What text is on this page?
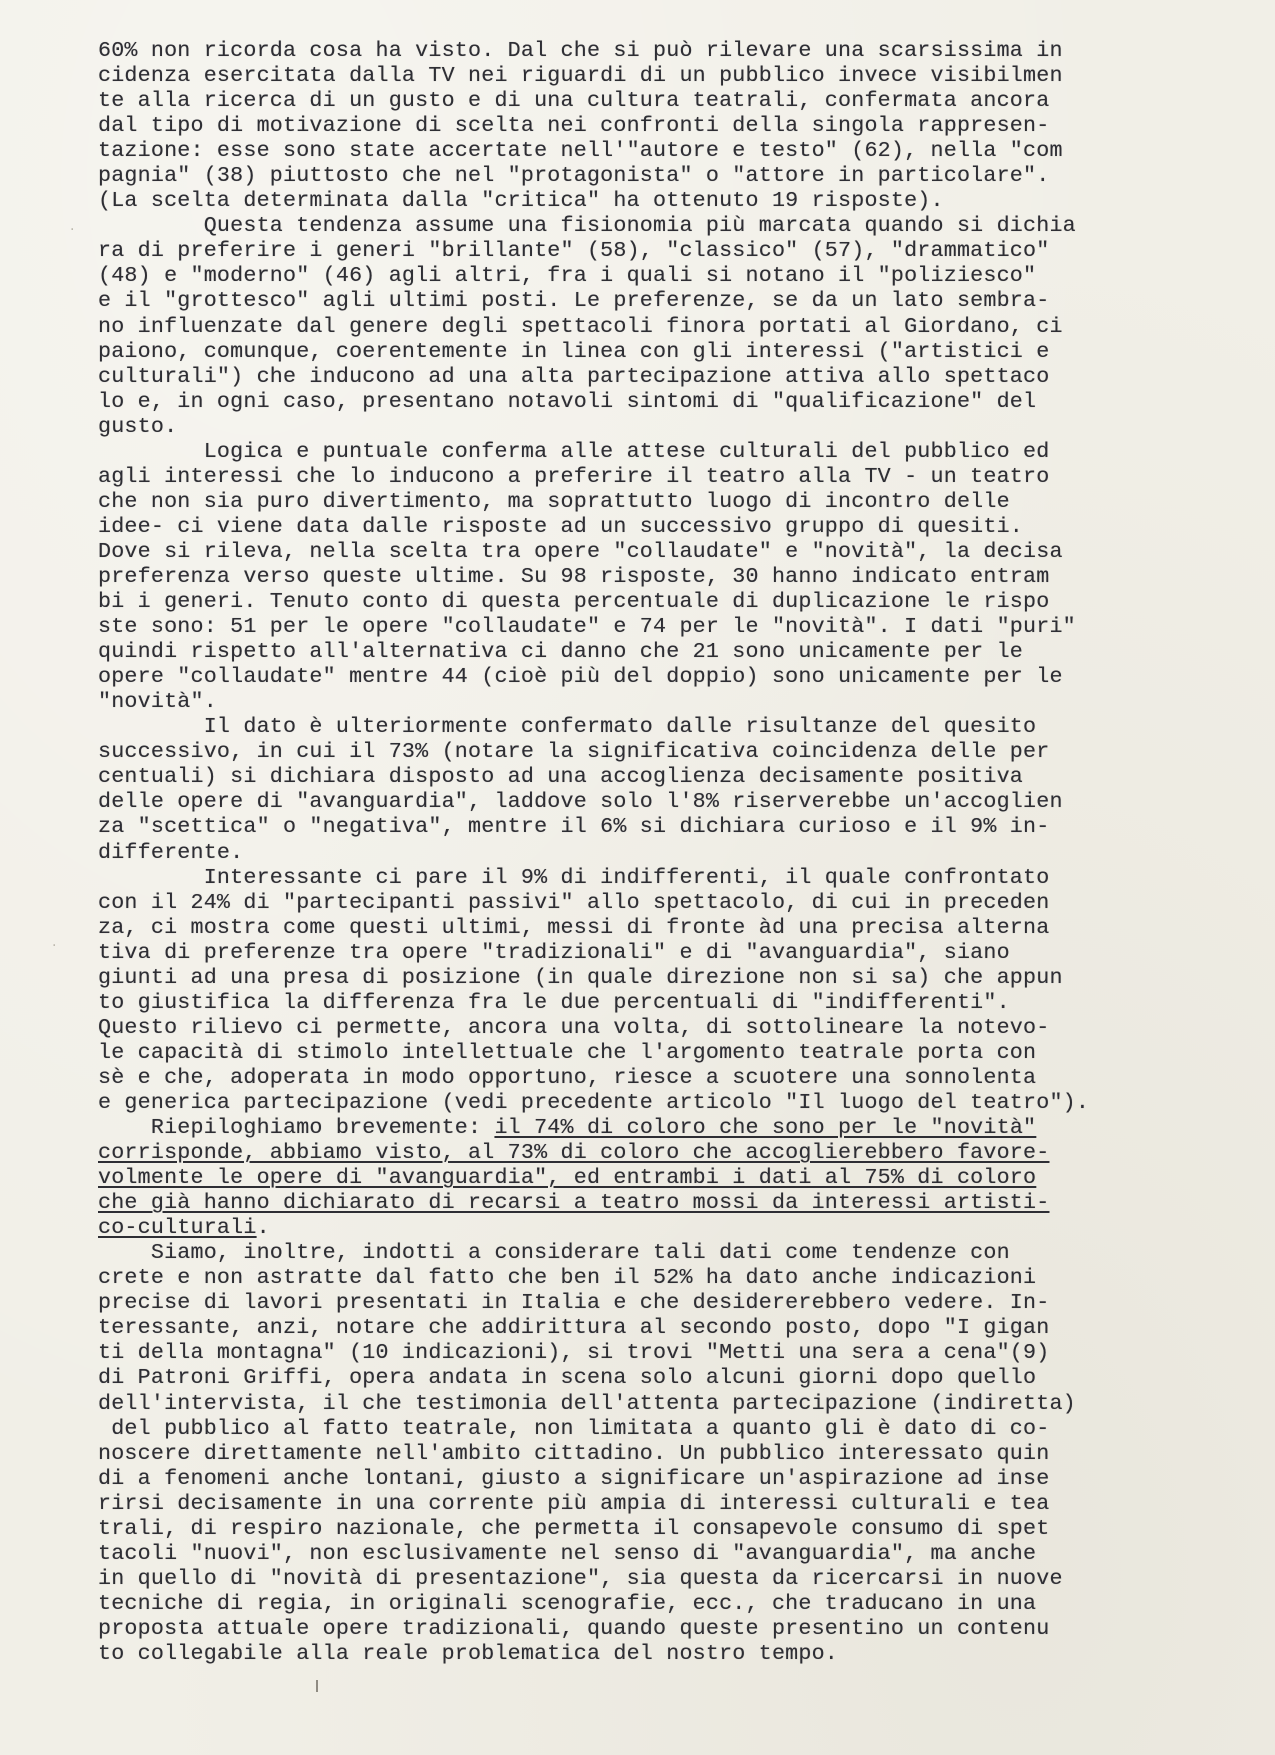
60% non ricorda cosa ha visto. Dal che si può rilevare una scarsissima in
cidenza esercitata dalla TV nei riguardi di un pubblico invece visibilmen
te alla ricerca di un gusto e di una cultura teatrali, confermata ancora
dal tipo di motivazione di scelta nei confronti della singola rappresen-
tazione: esse sono state accertate nell'"autore e testo" (62), nella "com
pagnia" (38) piuttosto che nel "protagonista" o "attore in particolare".
(La scelta determinata dalla "critica" ha ottenuto 19 risposte).
Questa tendenza assume una fisionomia più marcata quando si dichia
ra di preferire i generi "brillante" (58), "classico" (57), "drammatico"
(48) e "moderno" (46) agli altri, fra i quali si notano il "poliziesco"
e il "grottesco" agli ultimi posti. Le preferenze, se da un lato sembra-
no influenzate dal genere degli spettacoli finora portati al Giordano, ci
paiono, comunque, coerentemente in linea con gli interessi ("artistici e
culturali") che inducono ad una alta partecipazione attiva allo spettaco
lo e, in ogni caso, presentano notavoli sintomi di "qualificazione" del
gusto.
Logica e puntuale conferma alle attese culturali del pubblico ed
agli interessi che lo inducono a preferire il teatro alla TV - un teatro
che non sia puro divertimento, ma soprattutto luogo di incontro delle
idee- ci viene data dalle risposte ad un successivo gruppo di quesiti.
Dove si rileva, nella scelta tra opere "collaudate" e "novità", la decisa
preferenza verso queste ultime. Su 98 risposte, 30 hanno indicato entram
bi i generi. Tenuto conto di questa percentuale di duplicazione le rispo
ste sono: 51 per le opere "collaudate" e 74 per le "novità". I dati "puri"
quindi rispetto all'alternativa ci danno che 21 sono unicamente per le
opere "collaudate" mentre 44 (cioè più del doppio) sono unicamente per le
"novità".
Il dato è ulteriormente confermato dalle risultanze del quesito
successivo, in cui il 73% (notare la significativa coincidenza delle per
centuali) si dichiara disposto ad una accoglienza decisamente positiva
delle opere di "avanguardia", laddove solo l'8% riserverebbe un'accoglien
za "scettica" o "negativa", mentre il 6% si dichiara curioso e il 9% in-
differente.
Interessante ci pare il 9% di indifferenti, il quale confrontato
con il 24% di "partecipanti passivi" allo spettacolo, di cui in preceden
za, ci mostra come questi ultimi, messi di fronte àd una precisa alterna
tiva di preferenze tra opere "tradizionali" e di "avanguardia", siano
giunti ad una presa di posizione (in quale direzione non si sa) che appun
to giustifica la differenza fra le due percentuali di "indifferenti".
Questo rilievo ci permette, ancora una volta, di sottolineare la notevo-
le capacità di stimolo intellettuale che l'argomento teatrale porta con
sè e che, adoperata in modo opportuno, riesce a scuotere una sonnolenta
e generica partecipazione (vedi precedente articolo "Il luogo del teatro").
Riepiloghiamo brevemente: il 74% di coloro che sono per le "novità"
corrisponde, abbiamo visto, al 73% di coloro che accoglierebbero favore-
volmente le opere di "avanguardia", ed entrambi i dati al 75% di coloro
che già hanno dichiarato di recarsi a teatro mossi da interessi artisti-
co-culturali.
Siamo, inoltre, indotti a considerare tali dati come tendenze con
crete e non astratte dal fatto che ben il 52% ha dato anche indicazioni
precise di lavori presentati in Italia e che desidererebbero vedere. In-
teressante, anzi, notare che addirittura al secondo posto, dopo "I gigan
ti della montagna" (10 indicazioni), si trovi "Metti una sera a cena"(9)
di Patroni Griffi, opera andata in scena solo alcuni giorni dopo quello
dell'intervista, il che testimonia dell'attenta partecipazione (indiretta)
del pubblico al fatto teatrale, non limitata a quanto gli è dato di co-
noscere direttamente nell'ambito cittadino. Un pubblico interessato quin
di a fenomeni anche lontani, giusto a significare un'aspirazione ad inse
rirsi decisamente in una corrente più ampia di interessi culturali e tea
trali, di respiro nazionale, che permetta il consapevole consumo di spet
tacoli "nuovi", non esclusivamente nel senso di "avanguardia", ma anche
in quello di "novità di presentazione", sia questa da ricercarsi in nuove
tecniche di regia, in originali scenografie, ecc., che traducano in una
proposta attuale opere tradizionali, quando queste presentino un contenu
to collegabile alla reale problematica del nostro tempo.
·
·
